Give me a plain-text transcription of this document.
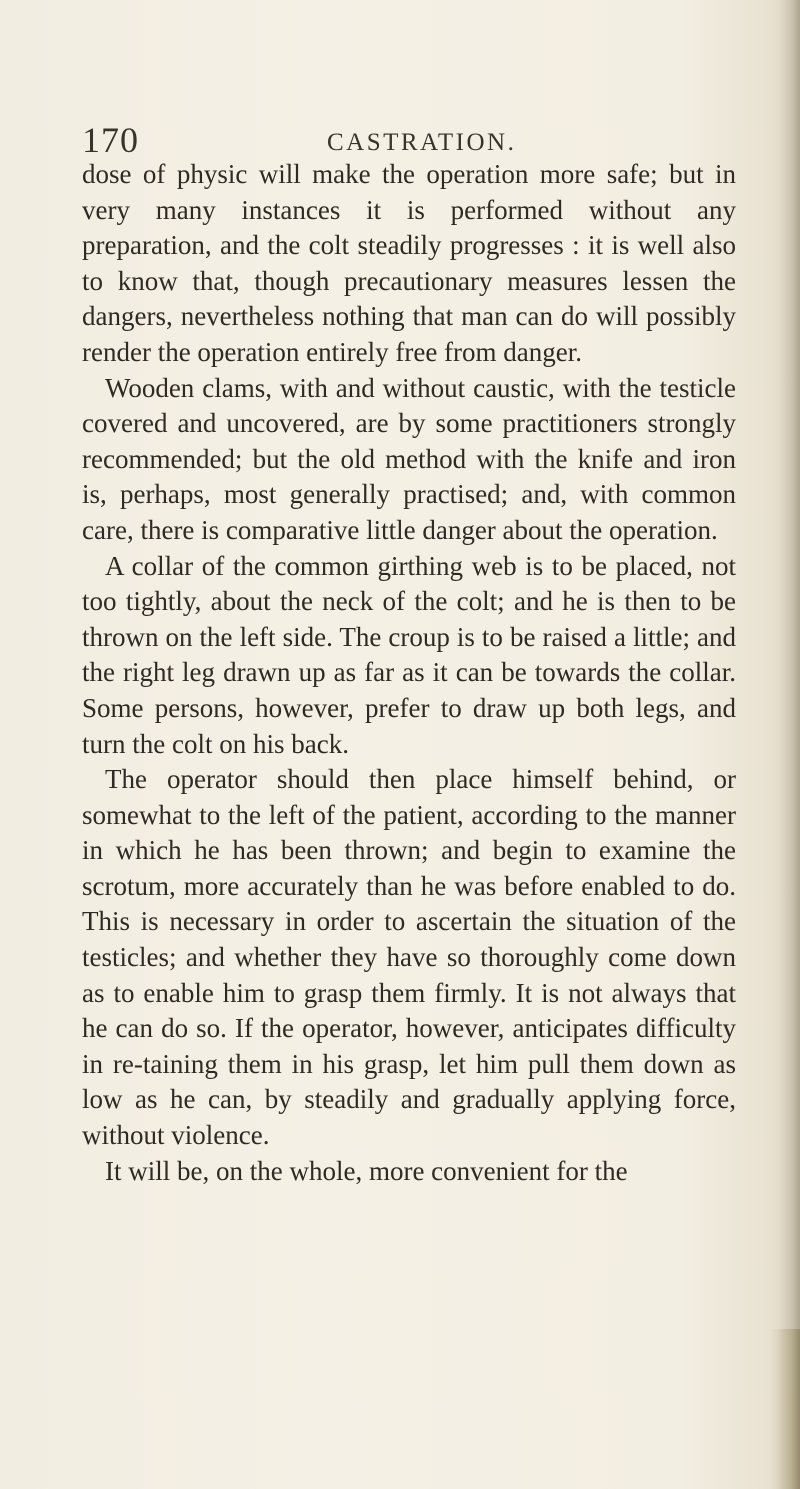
170	CASTRATION.

dose of physic will make the operation more safe; but in very many instances it is performed without any preparation, and the colt steadily progresses : it is well also to know that, though precautionary measures lessen the dangers, nevertheless nothing that man can do will possibly render the operation entirely free from danger.

Wooden clams, with and without caustic, with the testicle covered and uncovered, are by some practitioners strongly recommended; but the old method with the knife and iron is, perhaps, most generally practised; and, with common care, there is comparative little danger about the operation.

A collar of the common girthing web is to be placed, not too tightly, about the neck of the colt; and he is then to be thrown on the left side. The croup is to be raised a little; and the right leg drawn up as far as it can be towards the collar. Some persons, however, prefer to draw up both legs, and turn the colt on his back.

The operator should then place himself behind, or somewhat to the left of the patient, according to the manner in which he has been thrown; and begin to examine the scrotum, more accurately than he was before enabled to do. This is necessary in order to ascertain the situation of the testicles; and whether they have so thoroughly come down as to enable him to grasp them firmly. It is not always that he can do so. If the operator, however, anticipates difficulty in re-taining them in his grasp, let him pull them down as low as he can, by steadily and gradually applying force, without violence.

It will be, on the whole, more convenient for the
